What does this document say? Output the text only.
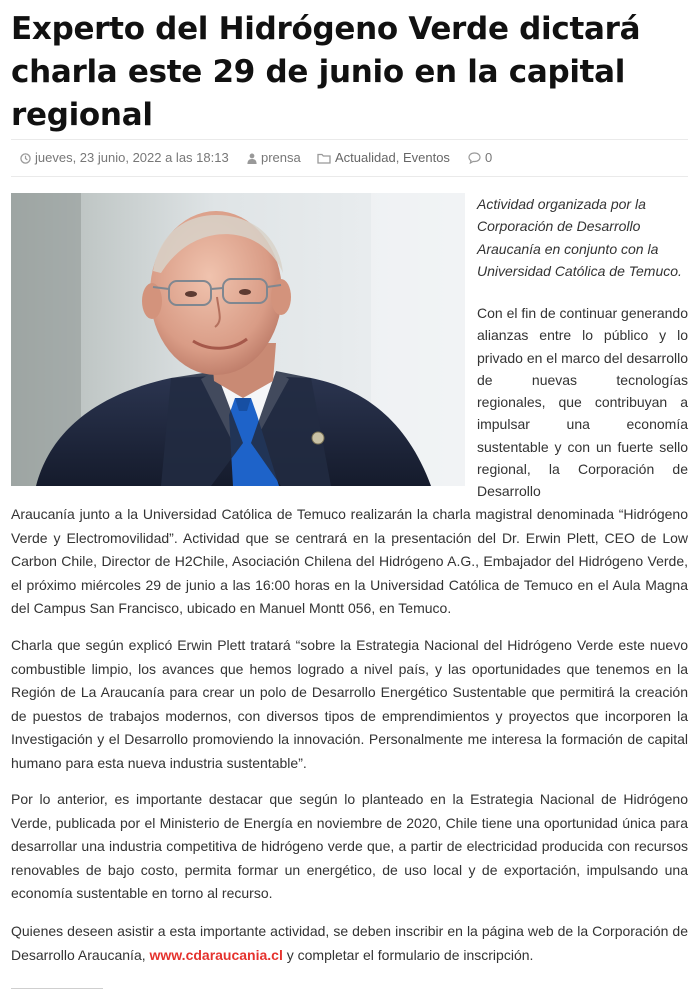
Experto del Hidrógeno Verde dictará charla este 29 de junio en la capital regional
jueves, 23 junio, 2022 a las 18:13	prensa	Actualidad, Eventos	0

Actividad organizada por la Corporación de Desarrollo Araucanía en conjunto con la Universidad Católica de Temuco.

Con el fin de continuar generando alianzas entre lo público y lo privado en el marco del desarrollo de nuevas tecnologías regionales, que contribuyan a impulsar una economía sustentable y con un fuerte sello regional, la Corporación de Desarrollo

Araucanía junto a la Universidad Católica de Temuco realizarán la charla magistral denominada “Hidrógeno Verde y Electromovilidad”. Actividad que se centrará en la presentación del Dr. Erwin Plett, CEO de Low Carbon Chile, Director de H2Chile, Asociación Chilena del Hidrógeno A.G., Embajador del Hidrógeno Verde, el próximo miércoles 29 de junio a las 16:00 horas en la Universidad Católica de Temuco en el Aula Magna del Campus San Francisco, ubicado en Manuel Montt 056, en Temuco.

Charla que según explicó Erwin Plett tratará “sobre la Estrategia Nacional del Hidrógeno Verde este nuevo combustible limpio, los avances que hemos logrado a nivel país, y las oportunidades que tenemos en la Región de La Araucanía para crear un polo de Desarrollo Energético Sustentable que permitirá la creación de puestos de trabajos modernos, con diversos tipos de emprendimientos y proyectos que incorporen la Investigación y el Desarrollo promoviendo la innovación. Personalmente me interesa la formación de capital humano para esta nueva industria sustentable”.

Por lo anterior, es importante destacar que según lo planteado en la Estrategia Nacional de Hidrógeno Verde, publicada por el Ministerio de Energía en noviembre de 2020, Chile tiene una oportunidad única para desarrollar una industria competitiva de hidrógeno verde que, a partir de electricidad producida con recursos renovables de bajo costo, permita formar un energético, de uso local y de exportación, impulsando una economía sustentable en torno al recurso.

Quienes deseen asistir a esta importante actividad, se deben inscribir en la página web de la Corporación de Desarrollo Araucanía, www.cdaraucania.cl y completar el formulario de inscripción.
